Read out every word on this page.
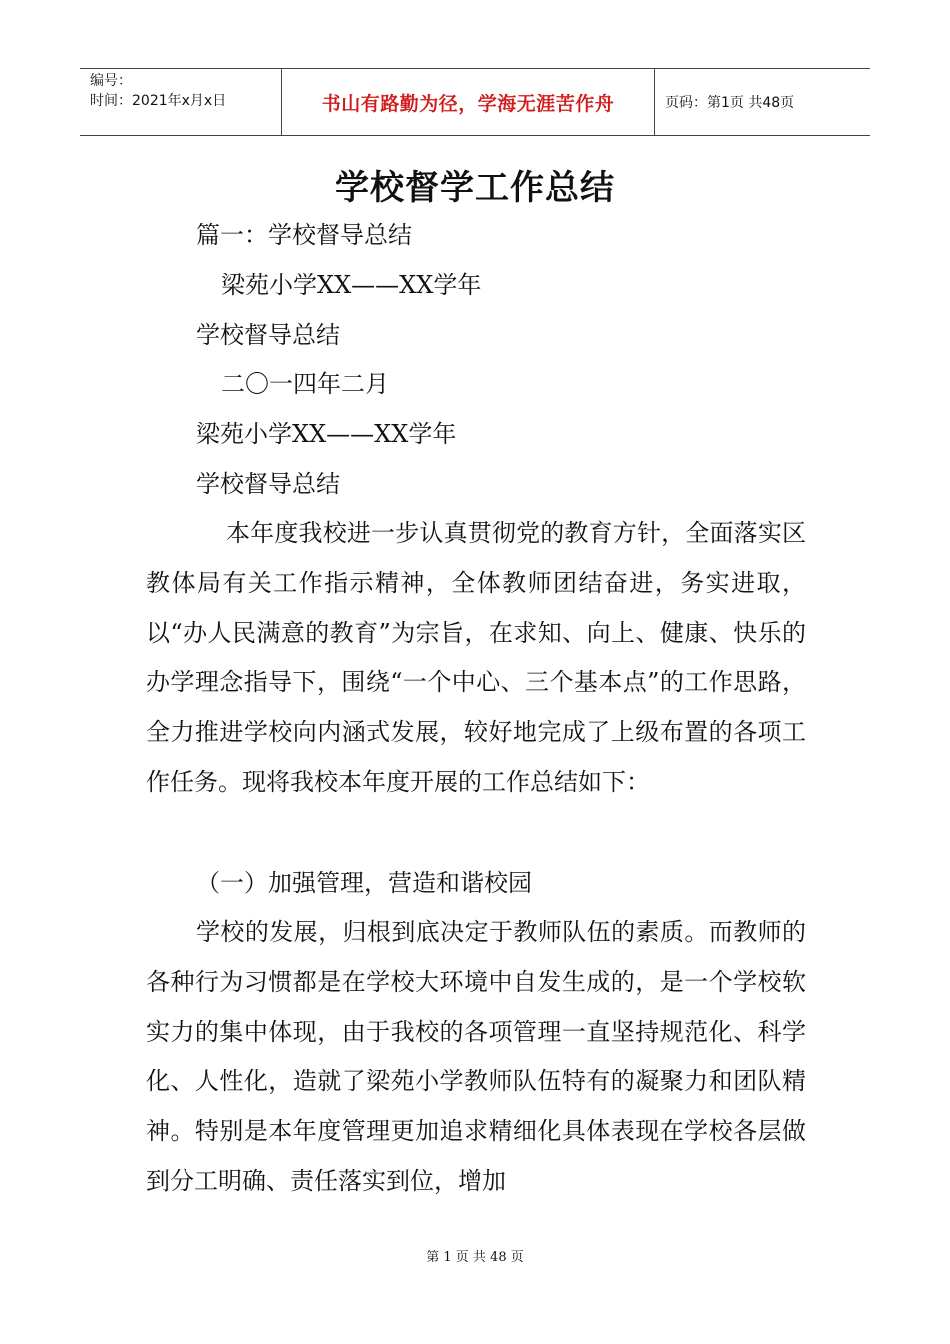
编号：
时间：2021年x月x日	书山有路勤为径，学海无涯苦作舟	页码：第1页 共48页
学校督学工作总结
篇一：学校督导总结
梁苑小学XX——XX学年
学校督导总结
二〇一四年二月
梁苑小学XX——XX学年
学校督导总结
本年度我校进一步认真贯彻党的教育方针，全面落实区教体局有关工作指示精神，全体教师团结奋进，务实进取，以“办人民满意的教育”为宗旨，在求知、向上、健康、快乐的办学理念指导下，围绕“一个中心、三个基本点”的工作思路，全力推进学校向内涵式发展，较好地完成了上级布置的各项工作任务。现将我校本年度开展的工作总结如下：
（一）加强管理，营造和谐校园
学校的发展，归根到底决定于教师队伍的素质。而教师的各种行为习惯都是在学校大环境中自发生成的，是一个学校软实力的集中体现，由于我校的各项管理一直坚持规范化、科学化、人性化，造就了梁苑小学教师队伍特有的凝聚力和团队精神。特别是本年度管理更加追求精细化具体表现在学校各层做到分工明确、责任落实到位，增加
第 1 页 共 48 页
